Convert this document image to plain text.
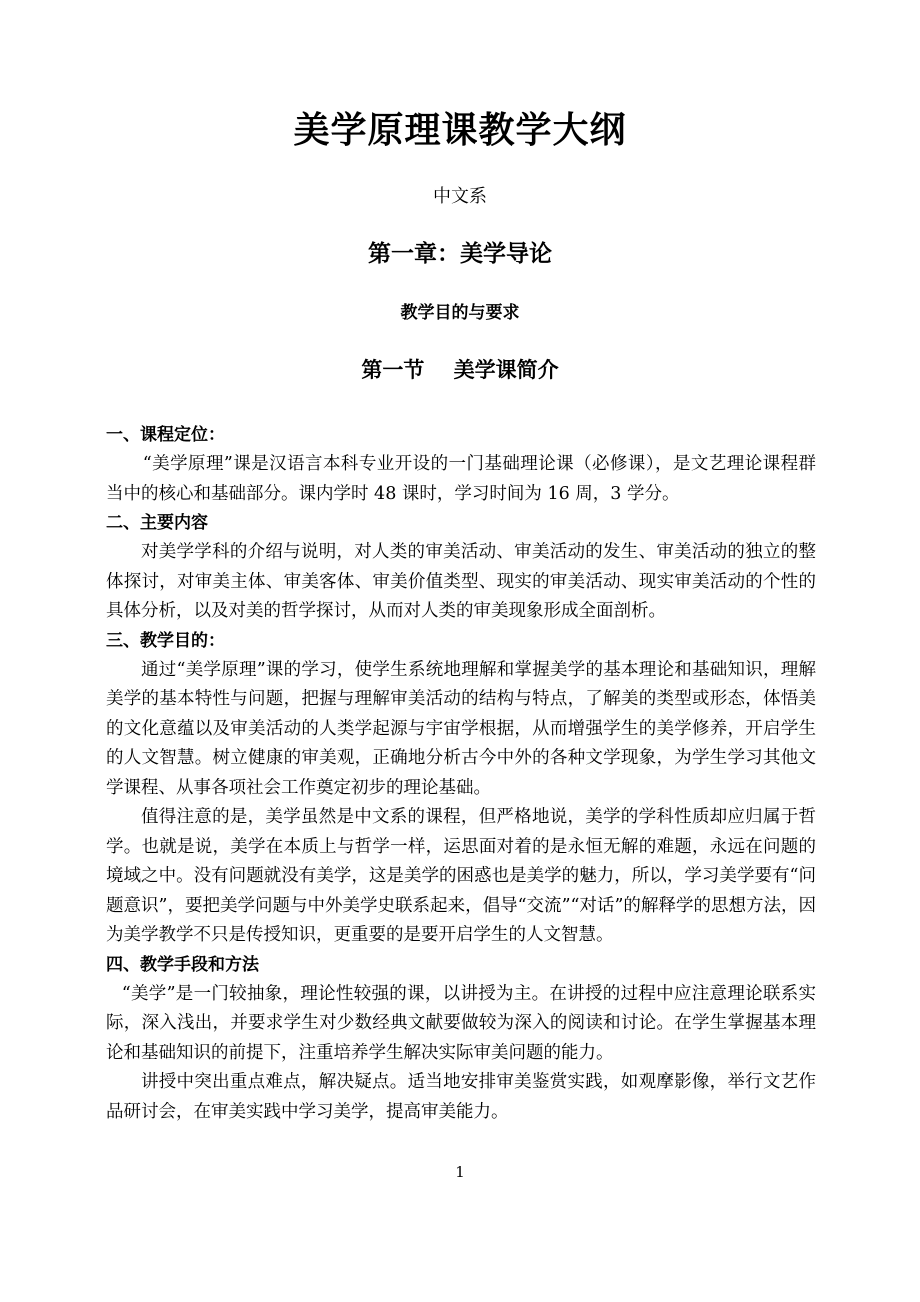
美学原理课教学大纲
中文系
第一章：美学导论
教学目的与要求
第一节    美学课简介

一、课程定位：

“美学原理”课是汉语言本科专业开设的一门基础理论课（必修课），是文艺理论课程群当中的核心和基础部分。课内学时 48 课时，学习时间为 16 周，3 学分。

二、主要内容

对美学学科的介绍与说明，对人类的审美活动、审美活动的发生、审美活动的独立的整体探讨，对审美主体、审美客体、审美价值类型、现实的审美活动、现实审美活动的个性的具体分析，以及对美的哲学探讨，从而对人类的审美现象形成全面剖析。

三、教学目的：

通过“美学原理”课的学习，使学生系统地理解和掌握美学的基本理论和基础知识，理解美学的基本特性与问题，把握与理解审美活动的结构与特点，了解美的类型或形态，体悟美的文化意蕴以及审美活动的人类学起源与宇宙学根据，从而增强学生的美学修养，开启学生的人文智慧。树立健康的审美观，正确地分析古今中外的各种文学现象，为学生学习其他文学课程、从事各项社会工作奠定初步的理论基础。

值得注意的是，美学虽然是中文系的课程，但严格地说，美学的学科性质却应归属于哲学。也就是说，美学在本质上与哲学一样，运思面对着的是永恒无解的难题，永远在问题的境域之中。没有问题就没有美学，这是美学的困惑也是美学的魅力，所以，学习美学要有“问题意识”，要把美学问题与中外美学史联系起来，倡导“交流”“对话”的解释学的思想方法，因为美学教学不只是传授知识，更重要的是要开启学生的人文智慧。

四、教学手段和方法

“美学”是一门较抽象，理论性较强的课，以讲授为主。在讲授的过程中应注意理论联系实际，深入浅出，并要求学生对少数经典文献要做较为深入的阅读和讨论。在学生掌握基本理论和基础知识的前提下，注重培养学生解决实际审美问题的能力。

讲授中突出重点难点，解决疑点。适当地安排审美鉴赏实践，如观摩影像，举行文艺作品研讨会，在审美实践中学习美学，提高审美能力。

1
